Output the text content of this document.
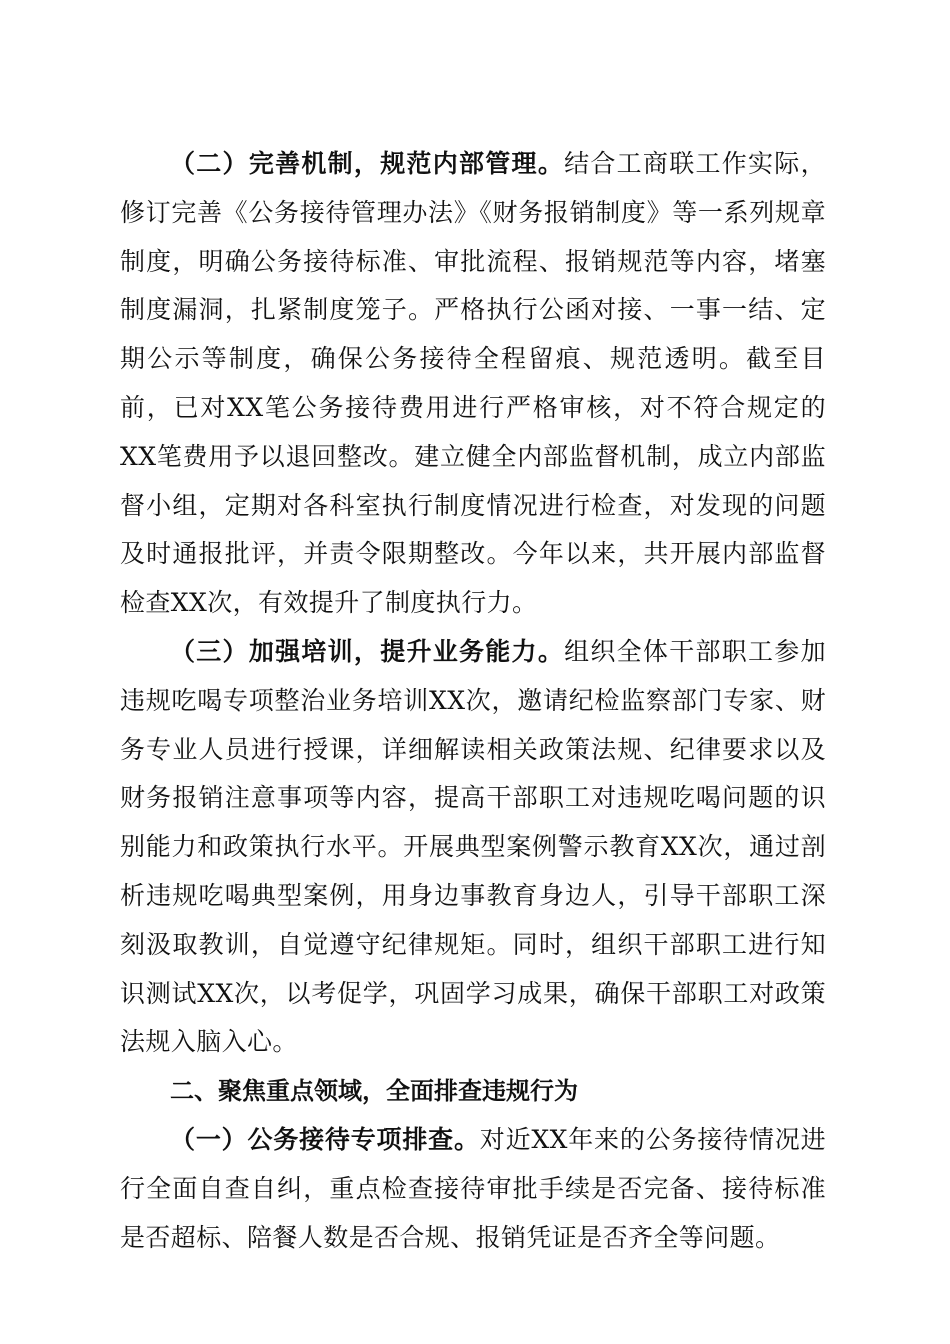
（二）完善机制，规范内部管理。结合工商联工作实际，修订完善《公务接待管理办法》《财务报销制度》等一系列规章制度，明确公务接待标准、审批流程、报销规范等内容，堵塞制度漏洞，扎紧制度笼子。严格执行公函对接、一事一结、定期公示等制度，确保公务接待全程留痕、规范透明。截至目前，已对XX笔公务接待费用进行严格审核，对不符合规定的XX笔费用予以退回整改。建立健全内部监督机制，成立内部监督小组，定期对各科室执行制度情况进行检查，对发现的问题及时通报批评，并责令限期整改。今年以来，共开展内部监督检查XX次，有效提升了制度执行力。

（三）加强培训，提升业务能力。组织全体干部职工参加违规吃喝专项整治业务培训XX次，邀请纪检监察部门专家、财务专业人员进行授课，详细解读相关政策法规、纪律要求以及财务报销注意事项等内容，提高干部职工对违规吃喝问题的识别能力和政策执行水平。开展典型案例警示教育XX次，通过剖析违规吃喝典型案例，用身边事教育身边人，引导干部职工深刻汲取教训，自觉遵守纪律规矩。同时，组织干部职工进行知识测试XX次，以考促学，巩固学习成果，确保干部职工对政策法规入脑入心。

二、聚焦重点领域，全面排查违规行为

（一）公务接待专项排查。对近XX年来的公务接待情况进行全面自查自纠，重点检查接待审批手续是否完备、接待标准是否超标、陪餐人数是否合规、报销凭证是否齐全等问题。
